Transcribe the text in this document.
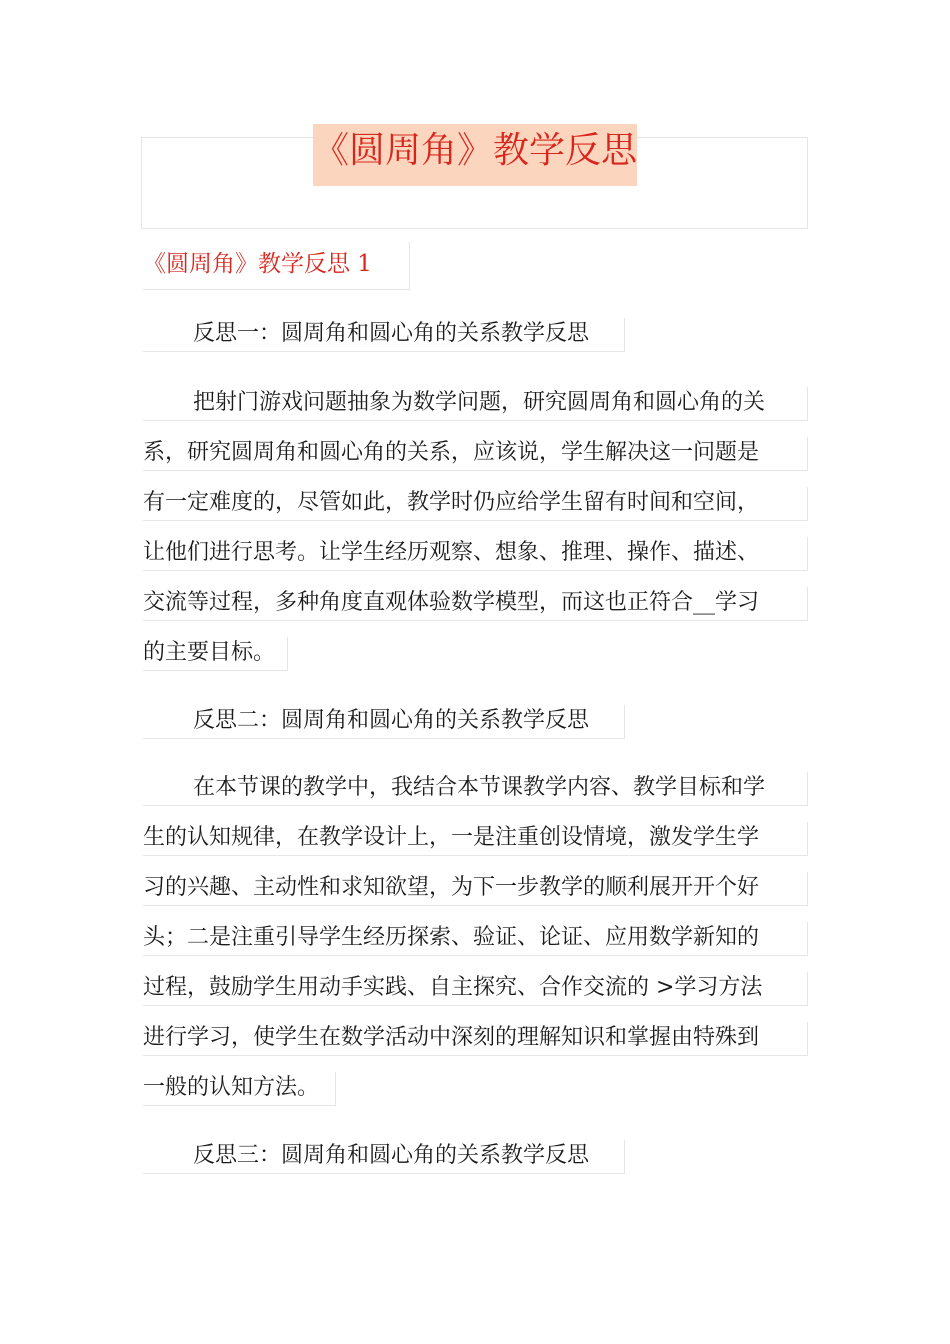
《圆周角》教学反思
《圆周角》教学反思 1
反思一：圆周角和圆心角的关系教学反思
把射门游戏问题抽象为数学问题，研究圆周角和圆心角的关
系，研究圆周角和圆心角的关系，应该说，学生解决这一问题是
有一定难度的，尽管如此，教学时仍应给学生留有时间和空间，
让他们进行思考。让学生经历观察、想象、推理、操作、描述、
交流等过程，多种角度直观体验数学模型，而这也正符合__学习
的主要目标。
反思二：圆周角和圆心角的关系教学反思
在本节课的教学中，我结合本节课教学内容、教学目标和学
生的认知规律，在教学设计上，一是注重创设情境，激发学生学
习的兴趣、主动性和求知欲望，为下一步教学的顺利展开开个好
头；二是注重引导学生经历探索、验证、论证、应用数学新知的
过程，鼓励学生用动手实践、自主探究、合作交流的 >学习方法
进行学习，使学生在数学活动中深刻的理解知识和掌握由特殊到
一般的认知方法。
反思三：圆周角和圆心角的关系教学反思
